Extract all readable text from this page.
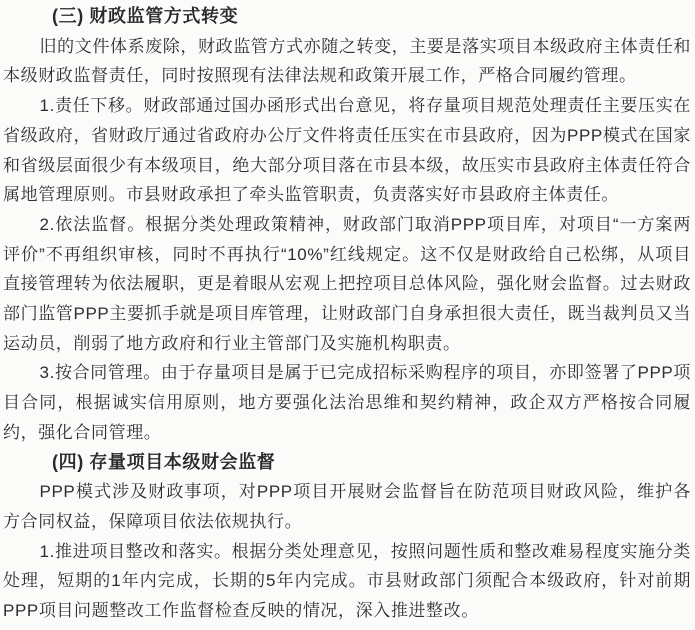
(三) 财政监管方式转变

旧的文件体系废除，财政监管方式亦随之转变，主要是落实项目本级政府主体责任和本级财政监督责任，同时按照现有法律法规和政策开展工作，严格合同履约管理。

1.责任下移。财政部通过国办函形式出台意见，将存量项目规范处理责任主要压实在省级政府，省财政厅通过省政府办公厅文件将责任压实在市县政府，因为PPP模式在国家和省级层面很少有本级项目，绝大部分项目落在市县本级，故压实市县政府主体责任符合属地管理原则。市县财政承担了牵头监管职责，负责落实好市县政府主体责任。

2.依法监督。根据分类处理政策精神，财政部门取消PPP项目库，对项目“一方案两评价”不再组织审核，同时不再执行“10%”红线规定。这不仅是财政给自己松绑，从项目直接管理转为依法履职，更是着眼从宏观上把控项目总体风险，强化财会监督。过去财政部门监管PPP主要抓手就是项目库管理，让财政部门自身承担很大责任，既当裁判员又当运动员，削弱了地方政府和行业主管部门及实施机构职责。

3.按合同管理。由于存量项目是属于已完成招标采购程序的项目，亦即签署了PPP项目合同，根据诚实信用原则，地方要强化法治思维和契约精神，政企双方严格按合同履约，强化合同管理。

(四) 存量项目本级财会监督

PPP模式涉及财政事项，对PPP项目开展财会监督旨在防范项目财政风险，维护各方合同权益，保障项目依法依规执行。

1.推进项目整改和落实。根据分类处理意见，按照问题性质和整改难易程度实施分类处理，短期的1年内完成，长期的5年内完成。市县财政部门须配合本级政府，针对前期PPP项目问题整改工作监督检查反映的情况，深入推进整改。
